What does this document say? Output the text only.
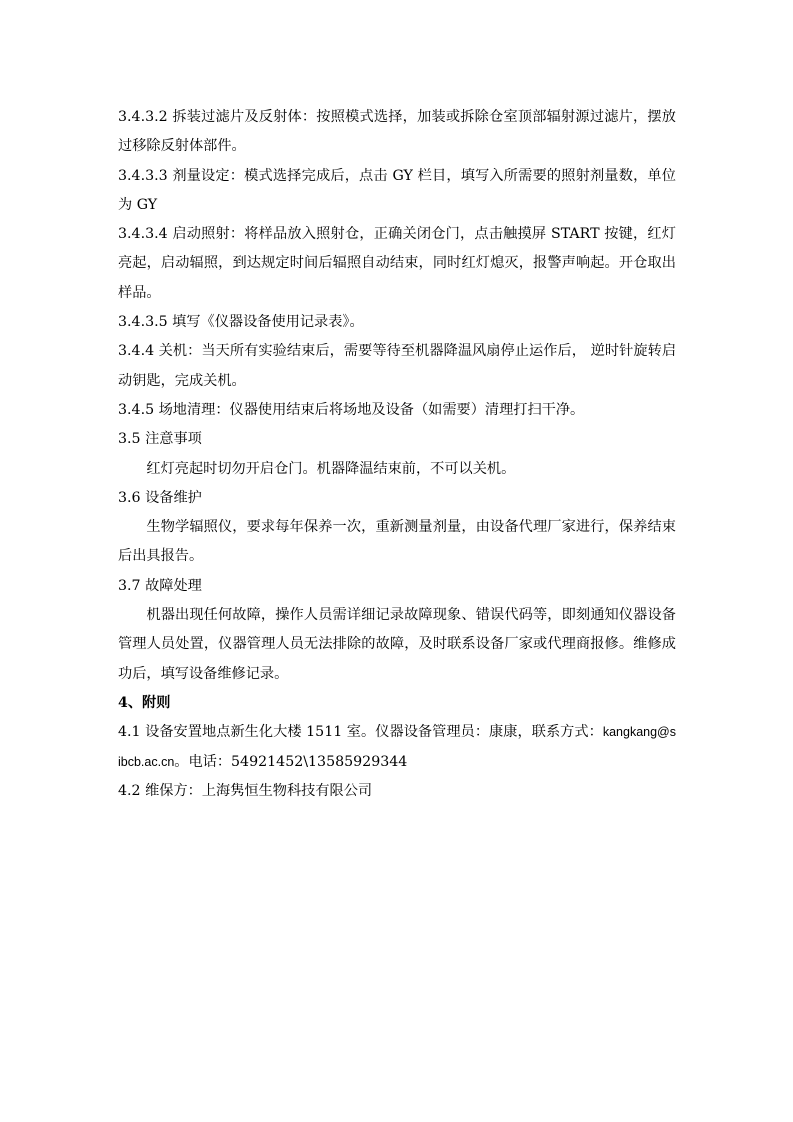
3.4.3.2 拆装过滤片及反射体：按照模式选择，加装或拆除仓室顶部辐射源过滤片，摆放过移除反射体部件。

3.4.3.3 剂量设定：模式选择完成后，点击 GY 栏目，填写入所需要的照射剂量数，单位为 GY

3.4.3.4 启动照射：将样品放入照射仓，正确关闭仓门，点击触摸屏 START 按键，红灯亮起，启动辐照，到达规定时间后辐照自动结束，同时红灯熄灭，报警声响起。开仓取出样品。

3.4.3.5 填写《仪器设备使用记录表》。

3.4.4 关机：当天所有实验结束后，需要等待至机器降温风扇停止运作后， 逆时针旋转启动钥匙，完成关机。

3.4.5 场地清理：仪器使用结束后将场地及设备（如需要）清理打扫干净。

3.5 注意事项

红灯亮起时切勿开启仓门。机器降温结束前，不可以关机。

3.6 设备维护

生物学辐照仪，要求每年保养一次，重新测量剂量，由设备代理厂家进行，保养结束后出具报告。

3.7 故障处理

机器出现任何故障，操作人员需详细记录故障现象、错误代码等，即刻通知仪器设备管理人员处置，仪器管理人员无法排除的故障，及时联系设备厂家或代理商报修。维修成功后，填写设备维修记录。

4、附则

4.1 设备安置地点新生化大楼 1511 室。仪器设备管理员：康康，联系方式：kangkang@sibcb.ac.cn。电话：54921452\13585929344

4.2 维保方：上海隽恒生物科技有限公司
